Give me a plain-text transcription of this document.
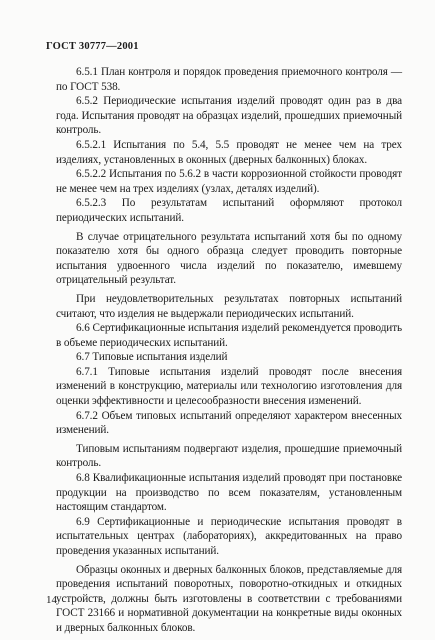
ГОСТ 30777—2001

6.5.1 План контроля и порядок проведения приемочного контроля — по ГОСТ 538.

6.5.2 Периодические испытания изделий проводят один раз в два года. Испытания проводят на образцах изделий, прошедших приемочный контроль.

6.5.2.1 Испытания по 5.4, 5.5 проводят не менее чем на трех изделиях, установленных в оконных (дверных балконных) блоках.

6.5.2.2 Испытания по 5.6.2 в части коррозионной стойкости проводят не менее чем на трех изделиях (узлах, деталях изделий).

6.5.2.3 По результатам испытаний оформляют протокол периодических испытаний.

В случае отрицательного результата испытаний хотя бы по одному показателю хотя бы одного образца следует проводить повторные испытания удвоенного числа изделий по показателю, имевшему отрицательный результат.

При неудовлетворительных результатах повторных испытаний считают, что изделия не выдержали периодических испытаний.

6.6 Сертификационные испытания изделий рекомендуется проводить в объеме периодических испытаний.

6.7 Типовые испытания изделий

6.7.1 Типовые испытания изделий проводят после внесения изменений в конструкцию, материалы или технологию изготовления для оценки эффективности и целесообразности внесения изменений.

6.7.2 Объем типовых испытаний определяют характером внесенных изменений.

Типовым испытаниям подвергают изделия, прошедшие приемочный контроль.

6.8 Квалификационные испытания изделий проводят при постановке продукции на производство по всем показателям, установленным настоящим стандартом.

6.9 Сертификационные и периодические испытания проводят в испытательных центрах (лабораториях), аккредитованных на право проведения указанных испытаний.

Образцы оконных и дверных балконных блоков, представляемые для проведения испытаний поворотных, поворотно-откидных и откидных устройств, должны быть изготовлены в соответствии с требованиями ГОСТ 23166 и нормативной документации на конкретные виды оконных и дверных балконных блоков.

14
